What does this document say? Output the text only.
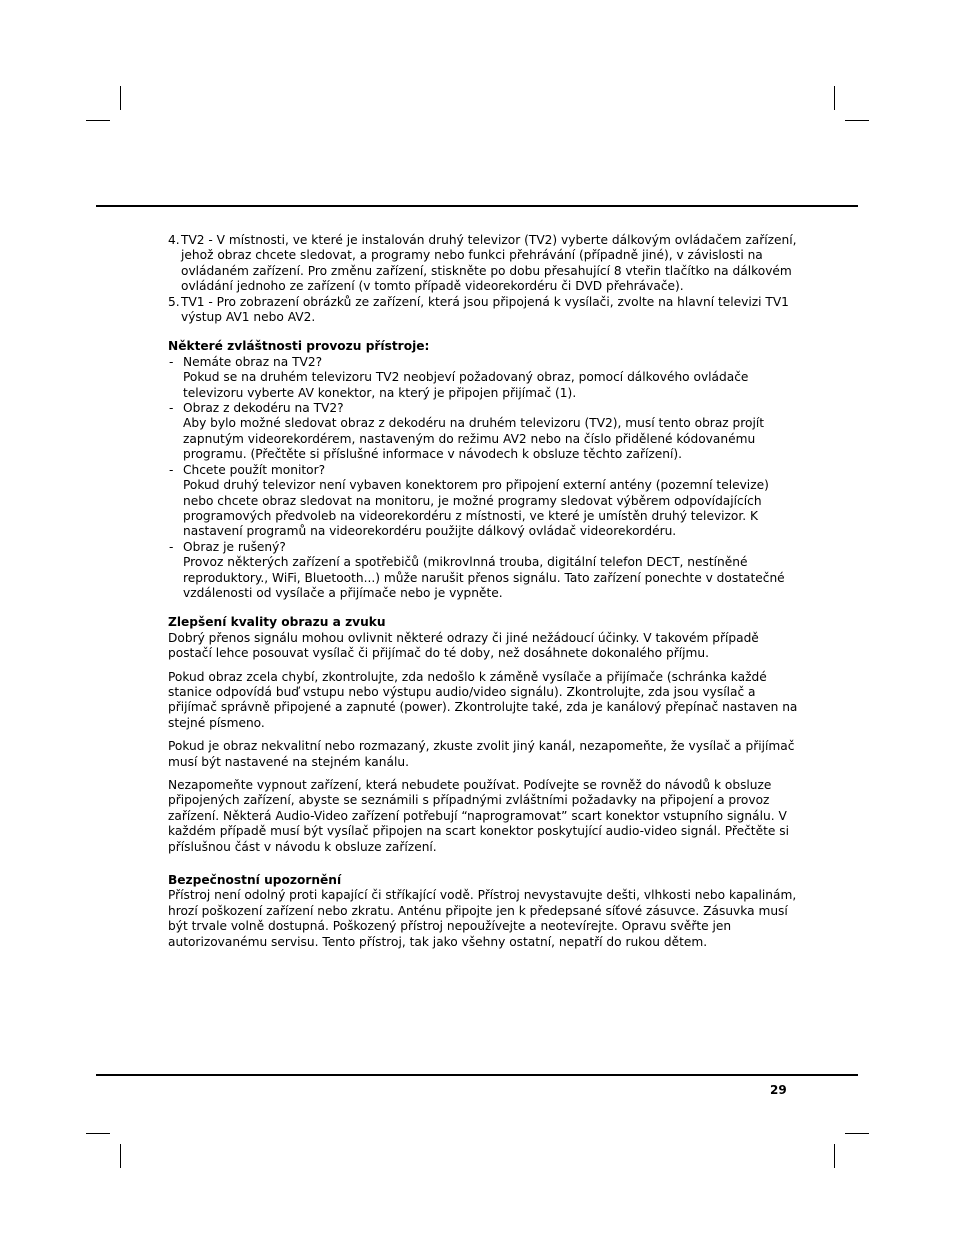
4. TV2 - V místnosti, ve které je instalován druhý televizor (TV2) vyberte dálkovým ovládačem zařízení, jehož obraz chcete sledovat, a programy nebo funkci přehrávání (případně jiné), v závislosti na ovládaném zařízení. Pro změnu zařízení, stiskněte po dobu přesahující 8 vteřin tlačítko na dálkovém ovládání jednoho ze zařízení (v tomto případě videorekordéru či DVD přehrávače).
5. TV1 - Pro zobrazení obrázků ze zařízení, která jsou připojená k vysílači, zvolte na hlavní televizi TV1 výstup AV1 nebo AV2.
Některé zvláštnosti provozu přístroje:
- Nemáte obraz na TV2?
Pokud se na druhém televizoru TV2 neobjeví požadovaný obraz, pomocí dálkového ovládače televizoru vyberte AV konektor, na který je připojen přijímač (1).
- Obraz z dekodéru na TV2?
Aby bylo možné sledovat obraz z dekodéru na druhém televizoru (TV2), musí tento obraz projít zapnutým videorekordérem, nastaveným do režimu AV2 nebo na číslo přidělené kódovanému programu. (Přečtěte si příslušné informace v návodech k obsluze těchto zařízení).
- Chcete použít monitor?
Pokud druhý televizor není vybaven konektorem pro připojení externí antény (pozemní televize) nebo chcete obraz sledovat na monitoru, je možné programy sledovat výběrem odpovídajících programových předvoleb na videorekordéru z místnosti, ve které je umístěn druhý televizor. K nastavení programů na videorekordéru použijte dálkový ovládač videorekordéru.
- Obraz je rušený?
Provoz některých zařízení a spotřebičů (mikrovlnná trouba, digitální telefon DECT, nestíněné reproduktory., WiFi, Bluetooth...) může narušit přenos signálu. Tato zařízení ponechte v dostatečné vzdálenosti od vysílače a přijímače nebo je vypněte.
Zlepšení kvality obrazu a zvuku

Dobrý přenos signálu mohou ovlivnit některé odrazy či jiné nežádoucí účinky. V takovém případě postačí lehce posouvat vysílač či přijímač do té doby, než dosáhnete dokonalého příjmu.

Pokud obraz zcela chybí, zkontrolujte, zda nedošlo k záměně vysílače a přijímače (schránka každé stanice odpovídá buď vstupu nebo výstupu audio/video signálu). Zkontrolujte, zda jsou vysílač a přijímač správně připojené a zapnuté (power). Zkontrolujte také, zda je kanálový přepínač nastaven na stejné písmeno.

Pokud je obraz nekvalitní nebo rozmazaný, zkuste zvolit jiný kanál, nezapomeňte, že vysílač a přijímač musí být nastavené na stejném kanálu.

Nezapomeňte vypnout zařízení, která nebudete používat. Podívejte se rovněž do návodů k obsluze připojených zařízení, abyste se seznámili s případnými zvláštními požadavky na připojení a provoz zařízení. Některá Audio-Video zařízení potřebují “naprogramovat” scart konektor vstupního signálu. V každém případě musí být vysílač připojen na scart konektor poskytující audio-video signál. Přečtěte si příslušnou část v návodu k obsluze zařízení.

Bezpečnostní upozornění

Přístroj není odolný proti kapající či stříkající vodě. Přístroj nevystavujte dešti, vlhkosti nebo kapalinám, hrozí poškození zařízení nebo zkratu. Anténu připojte jen k předepsané síťové zásuvce. Zásuvka musí být trvale volně dostupná. Poškozený přístroj nepoužívejte a neotevírejte. Opravu svěřte jen autorizovanému servisu. Tento přístroj, tak jako všehny ostatní, nepatří do rukou dětem.

29
